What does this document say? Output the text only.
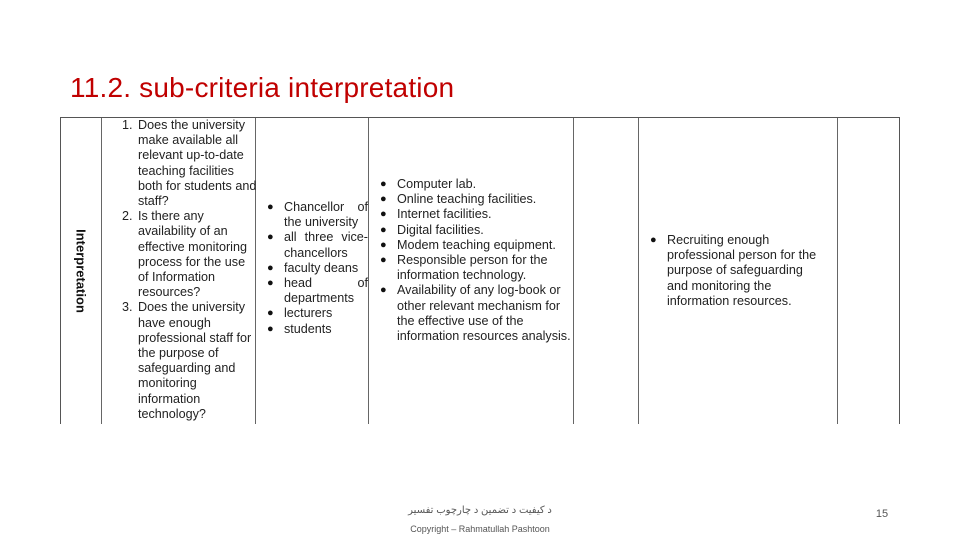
11.2. sub-criteria interpretation
Interpretation
1. Does the university make available all relevant up-to-date teaching facilities both for students and staff?
2. Is there any availability of an effective monitoring process for the use of Information resources?
3. Does the university have enough professional staff for the purpose of safeguarding and monitoring information technology?
● Chancellor of the university
● all three vice-chancellors
● faculty deans
● head of departments
● lecturers
● students
● Computer lab.
● Online teaching facilities.
● Internet facilities.
● Digital facilities.
● Modem teaching equipment.
● Responsible person for the information technology.
● Availability of any log-book or other relevant mechanism for the effective use of the information resources analysis.
● Recruiting enough professional person for the purpose of safeguarding and monitoring the information resources.
د کیفیت د تضمین د چارچوب تفسیر
Copyright – Rahmatullah Pashtoon
15
